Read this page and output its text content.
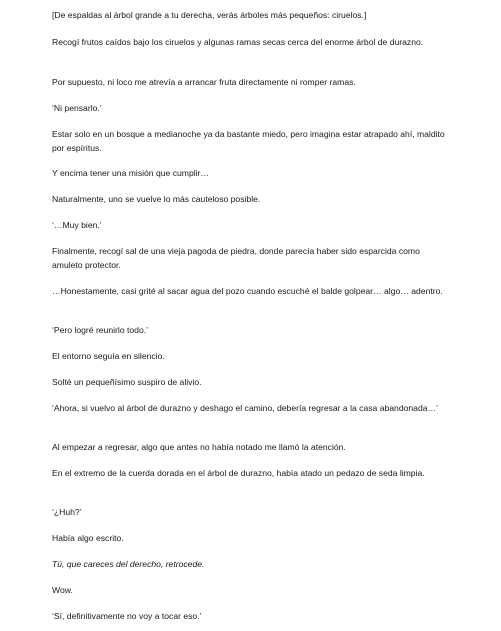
[De espaldas al árbol grande a tu derecha, verás árboles más pequeños: ciruelos.]

Recogí frutos caídos bajo los ciruelos y algunas ramas secas cerca del enorme árbol de durazno.

Por supuesto, ni loco me atrevía a arrancar fruta directamente ni romper ramas.

‘Ni pensarlo.’

Estar solo en un bosque a medianoche ya da bastante miedo, pero imagina estar atrapado ahí, maldito por espíritus.

Y encima tener una misión que cumplir…

Naturalmente, uno se vuelve lo más cauteloso posible.

‘…Muy bien.’

Finalmente, recogí sal de una vieja pagoda de piedra, donde parecía haber sido esparcida como amuleto protector.

…Honestamente, casi grité al sacar agua del pozo cuando escuché el balde golpear… algo… adentro.

‘Pero logré reunirlo todo.’

El entorno seguía en silencio.

Solté un pequeñísimo suspiro de alivio.

‘Ahora, si vuelvo al árbol de durazno y deshago el camino, debería regresar a la casa abandonada…’

Al empezar a regresar, algo que antes no había notado me llamó la atención.

En el extremo de la cuerda dorada en el árbol de durazno, había atado un pedazo de seda limpia.

‘¿Huh?’

Había algo escrito.

Tú, que careces del derecho, retrocede.

Wow.

‘Sí, definitivamente no voy a tocar eso.’
